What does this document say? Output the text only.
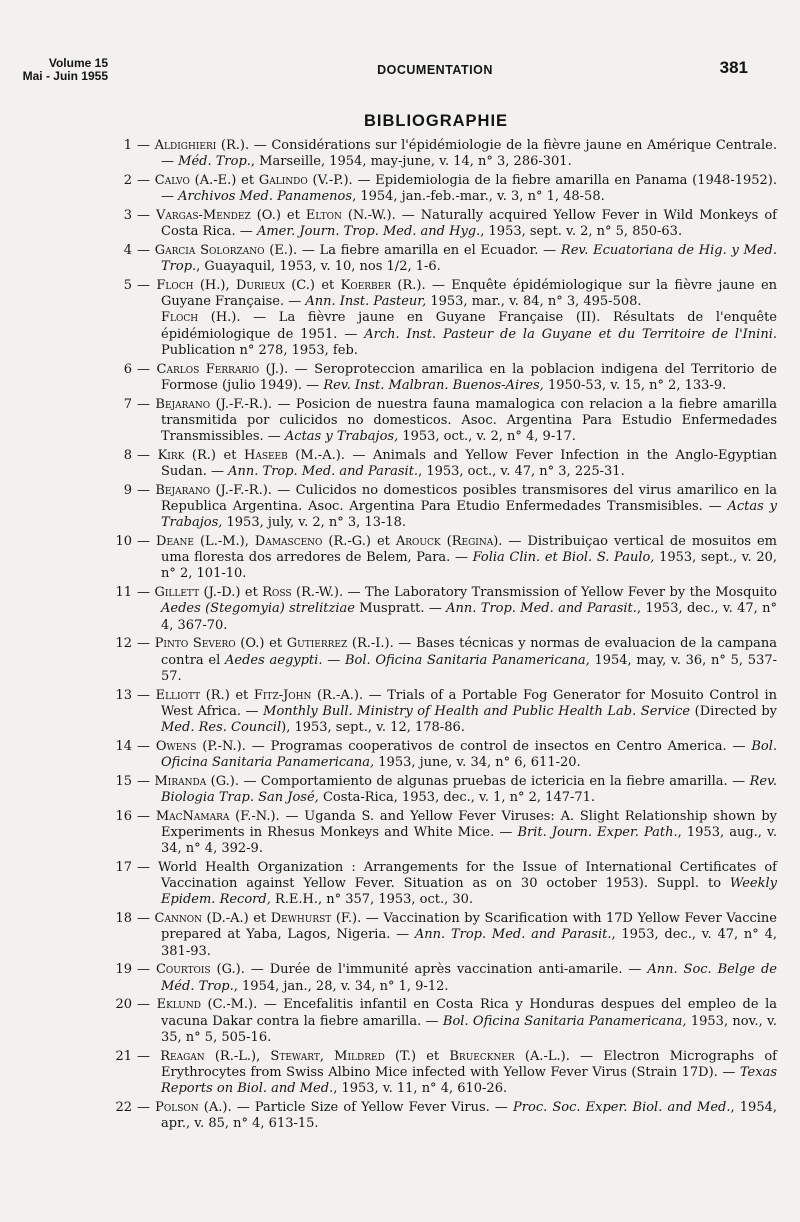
Volume 15
Mai - Juin 1955	DOCUMENTATION	381
BIBLIOGRAPHIE
1 — Aldighieri (R.). — Considérations sur l'épidémiologie de la fièvre jaune en Amérique Centrale. — Méd. Trop., Marseille, 1954, may-june, v. 14, n° 3, 286-301.
2 — Calvo (A.-E.) et Galindo (V.-P.). — Epidemiologia de la fiebre amarilla en Panama (1948-1952). — Archivos Med. Panamenos, 1954, jan.-feb.-mar., v. 3, n° 1, 48-58.
3 — Vargas-Mendez (O.) et Elton (N.-W.). — Naturally acquired Yellow Fever in Wild Monkeys of Costa Rica. — Amer. Journ. Trop. Med. and Hyg., 1953, sept. v. 2, n° 5, 850-63.
4 — Garcia Solorzano (E.). — La fiebre amarilla en el Ecuador. — Rev. Ecuatoriana de Hig. y Med. Trop., Guayaquil, 1953, v. 10, nos 1/2, 1-6.
5 — Floch (H.), Durieux (C.) et Koerber (R.). — Enquête épidémiologique sur la fièvre jaune en Guyane Française. — Ann. Inst. Pasteur, 1953, mar., v. 84, n° 3, 495-508.
Floch (H.). — La fièvre jaune en Guyane Française (II). Résultats de l'enquête épidémiologique de 1951. — Arch. Inst. Pasteur de la Guyane et du Territoire de l'Inini. Publication n° 278, 1953, feb.
6 — Carlos Ferrario (J.). — Seroproteccion amarilica en la poblacion indigena del Territorio de Formose (julio 1949). — Rev. Inst. Malbran. Buenos-Aires, 1950-53, v. 15, n° 2, 133-9.
7 — Bejarano (J.-F.-R.). — Posicion de nuestra fauna mamalogica con relacion a la fiebre amarilla transmitida por culicidos no domesticos. Asoc. Argentina Para Estudio Enfermedades Transmissibles. — Actas y Trabajos, 1953, oct., v. 2, n° 4, 9-17.
8 — Kirk (R.) et Haseeb (M.-A.). — Animals and Yellow Fever Infection in the Anglo-Egyptian Sudan. — Ann. Trop. Med. and Parasit., 1953, oct., v. 47, n° 3, 225-31.
9 — Bejarano (J.-F.-R.). — Culicidos no domesticos posibles transmisores del virus amarilico en la Republica Argentina. Asoc. Argentina Para Etudio Enfermedades Transmisibles. — Actas y Trabajos, 1953, july, v. 2, n° 3, 13-18.
10 — Deane (L.-M.), Damasceno (R.-G.) et Arouck (Regina). — Distribuiçao vertical de mosuitos em uma floresta dos arredores de Belem, Para. — Folia Clin. et Biol. S. Paulo, 1953, sept., v. 20, n° 2, 101-10.
11 — Gillett (J.-D.) et Ross (R.-W.). — The Laboratory Transmission of Yellow Fever by the Mosquito Aedes (Stegomyia) strelitziae Muspratt. — Ann. Trop. Med. and Parasit., 1953, dec., v. 47, n° 4, 367-70.
12 — Pinto Severo (O.) et Gutierrez (R.-I.). — Bases técnicas y normas de evaluacion de la campana contra el Aedes aegypti. — Bol. Oficina Sanitaria Panamericana, 1954, may, v. 36, n° 5, 537-57.
13 — Elliott (R.) et Fitz-John (R.-A.). — Trials of a Portable Fog Generator for Mosuito Control in West Africa. — Monthly Bull. Ministry of Health and Public Health Lab. Service (Directed by Med. Res. Council), 1953, sept., v. 12, 178-86.
14 — Owens (P.-N.). — Programas cooperativos de control de insectos en Centro America. — Bol. Oficina Sanitaria Panamericana, 1953, june, v. 34, n° 6, 611-20.
15 — Miranda (G.). — Comportamiento de algunas pruebas de ictericia en la fiebre amarilla. — Rev. Biologia Trap. San José, Costa-Rica, 1953, dec., v. 1, n° 2, 147-71.
16 — MacNamara (F.-N.). — Uganda S. and Yellow Fever Viruses: A. Slight Relationship shown by Experiments in Rhesus Monkeys and White Mice. — Brit. Journ. Exper. Path., 1953, aug., v. 34, n° 4, 392-9.
17 — World Health Organization : Arrangements for the Issue of International Certificates of Vaccination against Yellow Fever. Situation as on 30 october 1953). Suppl. to Weekly Epidem. Record, R.E.H., n° 357, 1953, oct., 30.
18 — Cannon (D.-A.) et Dewhurst (F.). — Vaccination by Scarification with 17D Yellow Fever Vaccine prepared at Yaba, Lagos, Nigeria. — Ann. Trop. Med. and Parasit., 1953, dec., v. 47, n° 4, 381-93.
19 — Courtois (G.). — Durée de l'immunité après vaccination anti-amarile. — Ann. Soc. Belge de Méd. Trop., 1954, jan., 28, v. 34, n° 1, 9-12.
20 — Eklund (C.-M.). — Encefalitis infantil en Costa Rica y Honduras despues del empleo de la vacuna Dakar contra la fiebre amarilla. — Bol. Oficina Sanitaria Panamericana, 1953, nov., v. 35, n° 5, 505-16.
21 — Reagan (R.-L.), Stewart, Mildred (T.) et Brueckner (A.-L.). — Electron Micrographs of Erythrocytes from Swiss Albino Mice infected with Yellow Fever Virus (Strain 17D). — Texas Reports on Biol. and Med., 1953, v. 11, n° 4, 610-26.
22 — Polson (A.). — Particle Size of Yellow Fever Virus. — Proc. Soc. Exper. Biol. and Med., 1954, apr., v. 85, n° 4, 613-15.
